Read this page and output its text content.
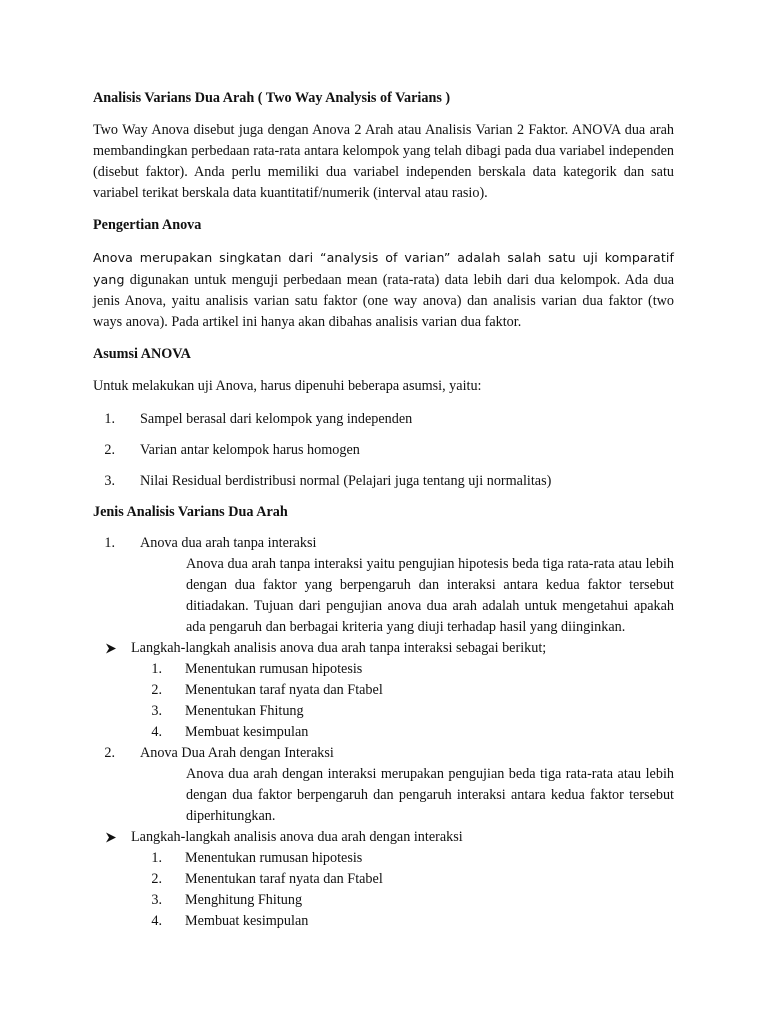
Analisis Varians Dua Arah ( Two Way Analysis of Varians )

Two Way Anova disebut juga dengan Anova 2 Arah atau Analisis Varian 2 Faktor. ANOVA dua arah membandingkan perbedaan rata-rata antara kelompok yang telah dibagi pada dua variabel independen (disebut faktor). Anda perlu memiliki dua variabel independen berskala data kategorik dan satu variabel terikat berskala data kuantitatif/numerik (interval atau rasio).

Pengertian Anova

Anova merupakan singkatan dari “analysis of varian” adalah salah satu uji komparatif yang digunakan untuk menguji perbedaan mean (rata-rata) data lebih dari dua kelompok. Ada dua jenis Anova, yaitu analisis varian satu faktor (one way anova) dan analisis varian dua faktor (two ways anova). Pada artikel ini hanya akan dibahas analisis varian dua faktor.

Asumsi ANOVA

Untuk melakukan uji Anova, harus dipenuhi beberapa asumsi, yaitu:

1. Sampel berasal dari kelompok yang independen
2. Varian antar kelompok harus homogen
3. Nilai Residual berdistribusi normal (Pelajari juga tentang uji normalitas)
Jenis Analisis Varians Dua Arah
1. Anova dua arah tanpa interaksi

Anova dua arah tanpa interaksi yaitu pengujian hipotesis beda tiga rata-rata atau lebih dengan dua faktor yang berpengaruh dan interaksi antara kedua faktor tersebut ditiadakan. Tujuan dari pengujian anova dua arah adalah untuk mengetahui apakah ada pengaruh dan berbagai kriteria yang diuji terhadap hasil yang diinginkan.

Langkah-langkah analisis anova dua arah tanpa interaksi sebagai berikut;
1. Menentukan rumusan hipotesis
2. Menentukan taraf nyata dan Ftabel
3. Menentukan Fhitung
4. Membuat kesimpulan
2. Anova Dua Arah dengan Interaksi

Anova dua arah dengan interaksi merupakan pengujian beda tiga rata-rata atau lebih dengan dua faktor berpengaruh dan pengaruh interaksi antara kedua faktor tersebut diperhitungkan.

Langkah-langkah analisis anova dua arah dengan interaksi
1. Menentukan rumusan hipotesis
2. Menentukan taraf nyata dan Ftabel
3. Menghitung Fhitung
4. Membuat kesimpulan
